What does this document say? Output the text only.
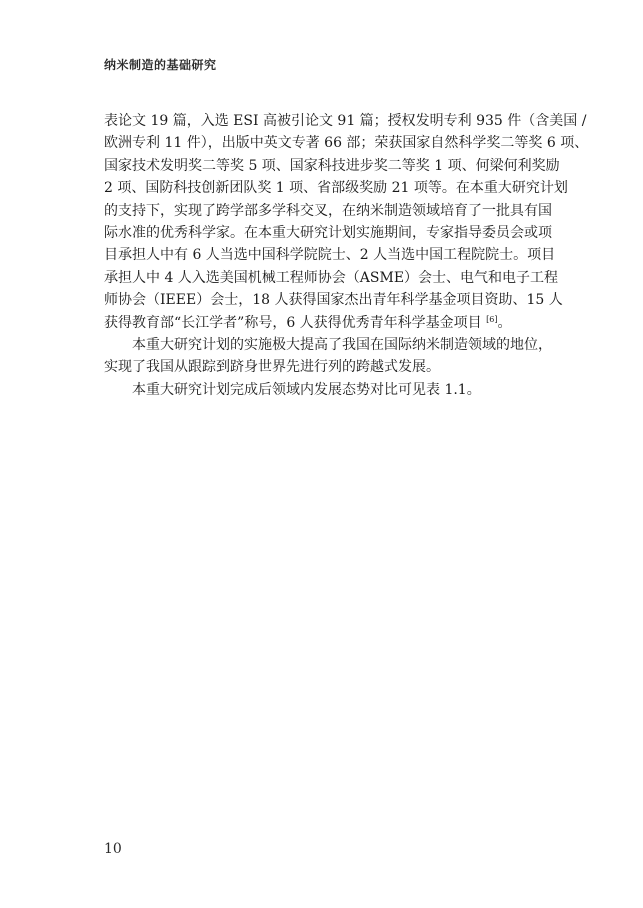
纳米制造的基础研究
表论文 19 篇，入选 ESI 高被引论文 91 篇；授权发明专利 935 件（含美国 /
欧洲专利 11 件），出版中英文专著 66 部；荣获国家自然科学奖二等奖 6 项、
国家技术发明奖二等奖 5 项、国家科技进步奖二等奖 1 项、何梁何利奖励
2 项、国防科技创新团队奖 1 项、省部级奖励 21 项等。在本重大研究计划
的支持下，实现了跨学部多学科交叉，在纳米制造领域培育了一批具有国
际水准的优秀科学家。在本重大研究计划实施期间，专家指导委员会或项
目承担人中有 6 人当选中国科学院院士、2 人当选中国工程院院士。项目
承担人中 4 人入选美国机械工程师协会（ASME）会士、电气和电子工程
师协会（IEEE）会士，18 人获得国家杰出青年科学基金项目资助、15 人
获得教育部“长江学者”称号，6 人获得优秀青年科学基金项目 [6]。
本重大研究计划的实施极大提高了我国在国际纳米制造领域的地位，
实现了我国从跟踪到跻身世界先进行列的跨越式发展。
本重大研究计划完成后领域内发展态势对比可见表 1.1。
10
